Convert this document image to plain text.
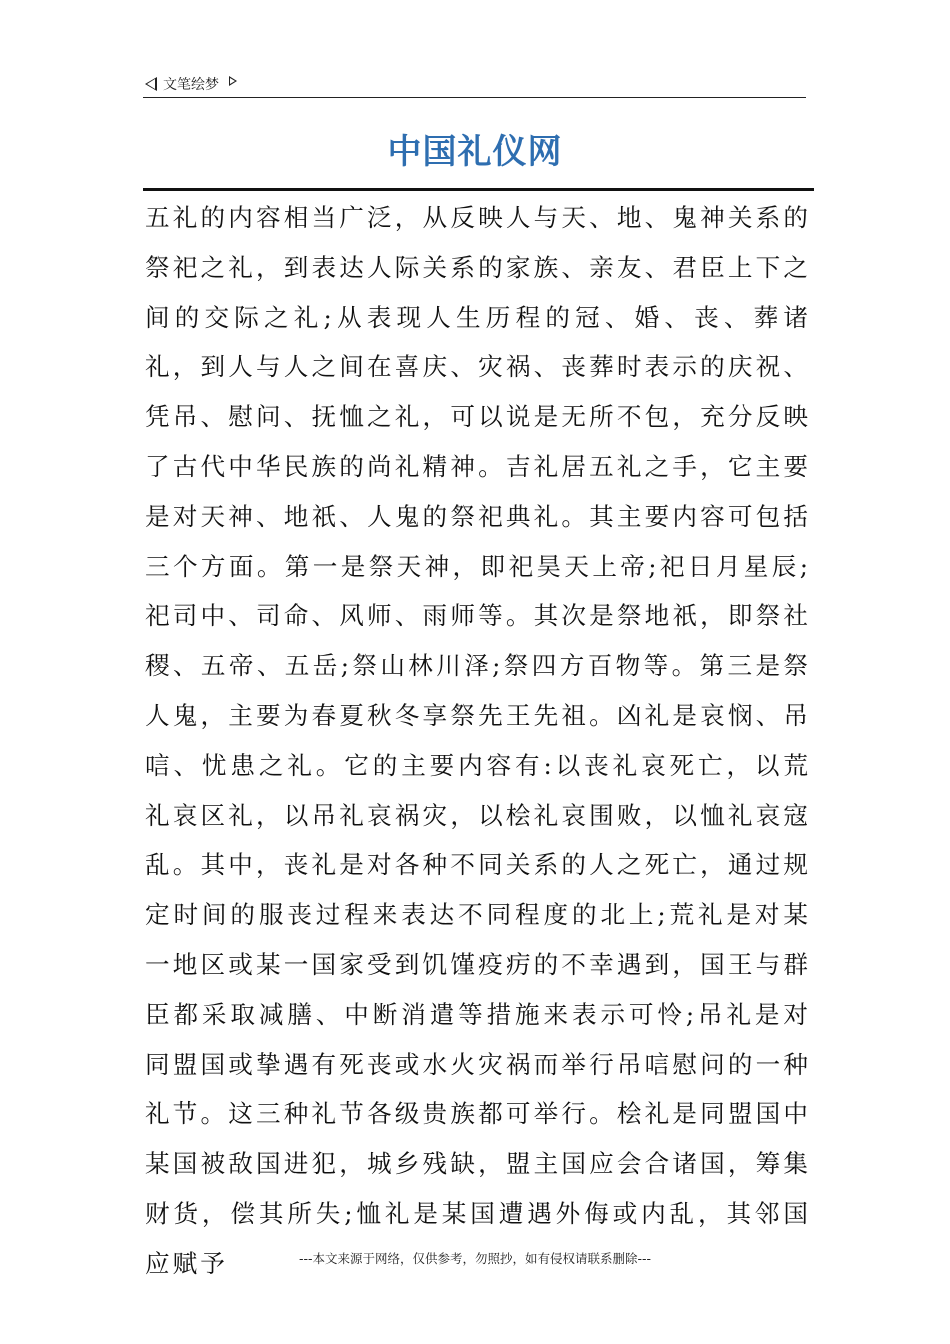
文笔绘梦
中国礼仪网

五礼的内容相当广泛，从反映人与天、地、鬼神关系的祭祀之礼，到表达人际关系的家族、亲友、君臣上下之间的交际之礼;从表现人生历程的冠、婚、丧、葬诸礼，到人与人之间在喜庆、灾祸、丧葬时表示的庆祝、凭吊、慰问、抚恤之礼，可以说是无所不包，充分反映了古代中华民族的尚礼精神。吉礼居五礼之手，它主要是对天神、地祇、人鬼的祭祀典礼。其主要内容可包括三个方面。第一是祭天神，即祀昊天上帝;祀日月星辰;祀司中、司命、风师、雨师等。其次是祭地祇，即祭社稷、五帝、五岳;祭山林川泽;祭四方百物等。第三是祭人鬼，主要为春夏秋冬享祭先王先祖。凶礼是哀悯、吊唁、忧患之礼。它的主要内容有:以丧礼哀死亡，以荒礼哀区礼，以吊礼哀祸灾，以桧礼哀围败，以恤礼哀寇乱。其中，丧礼是对各种不同关系的人之死亡，通过规定时间的服丧过程来表达不同程度的北上;荒礼是对某一地区或某一国家受到饥馑疫疠的不幸遇到，国王与群臣都采取减膳、中断消遣等措施来表示可怜;吊礼是对同盟国或挚遇有死丧或水火灾祸而举行吊唁慰问的一种礼节。这三种礼节各级贵族都可举行。桧礼是同盟国中某国被敌国进犯，城乡残缺，盟主国应会合诸国，筹集财货，偿其所失;恤礼是某国遭遇外侮或内乱，其邻国应赋予	---本文来源于网络，仅供参考，勿照抄，如有侵权请联系删除---
